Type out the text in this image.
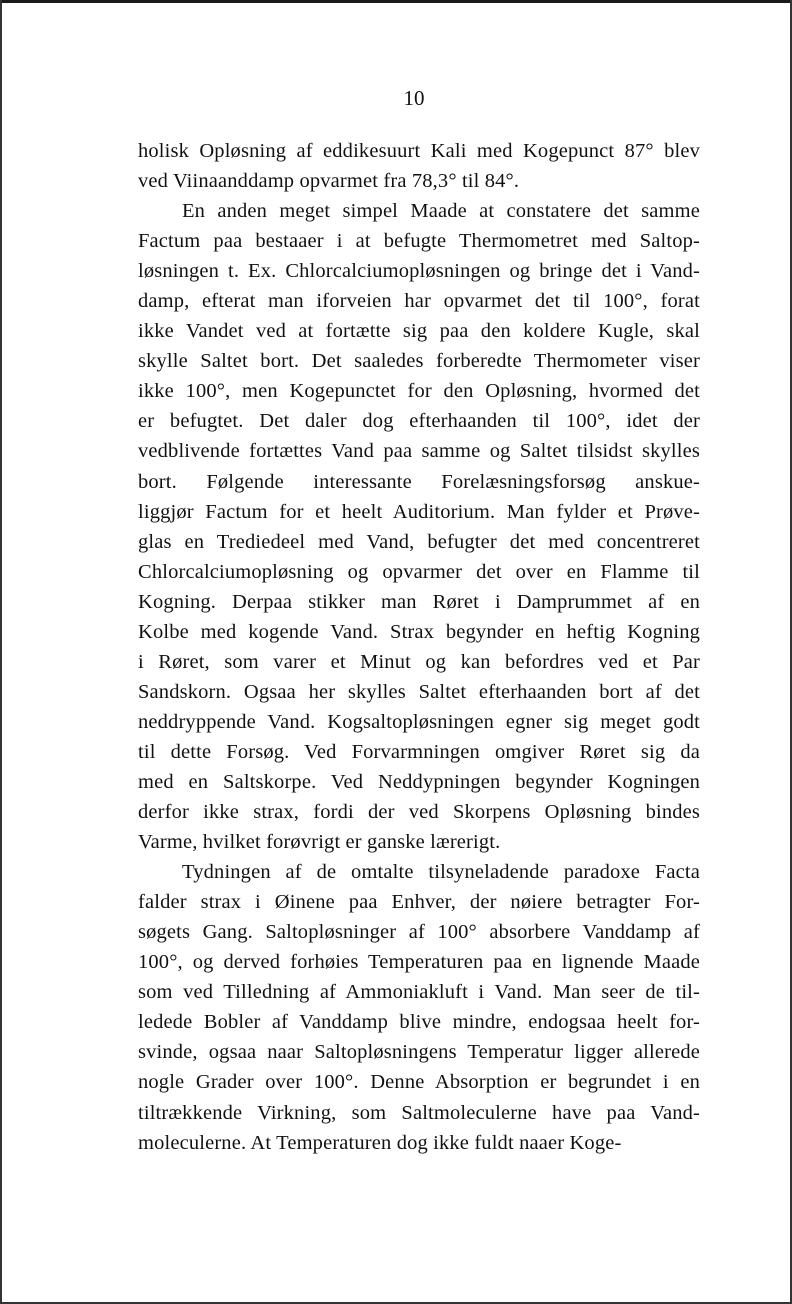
10
holisk Opløsning af eddikesuurt Kali med Kogepunct 87° blev
ved Viinaanddamp opvarmet fra 78,3° til 84°.
En anden meget simpel Maade at constatere det samme
Factum paa bestaaer i at befugte Thermometret med Saltop-
løsningen t. Ex. Chlorcalciumopløsningen og bringe det i Vand-
damp, efterat man iforveien har opvarmet det til 100°, forat
ikke Vandet ved at fortætte sig paa den koldere Kugle, skal
skylle Saltet bort. Det saaledes forberedte Thermometer viser
ikke 100°, men Kogepunctet for den Opløsning, hvormed det
er befugtet. Det daler dog efterhaanden til 100°, idet der
vedblivende fortættes Vand paa samme og Saltet tilsidst skylles
bort. Følgende interessante Forelæsningsforsøg anskue-
liggjør Factum for et heelt Auditorium. Man fylder et Prøve-
glas en Trediedeel med Vand, befugter det med concentreret
Chlorcalciumopløsning og opvarmer det over en Flamme til
Kogning. Derpaa stikker man Røret i Damprummet af en
Kolbe med kogende Vand. Strax begynder en heftig Kogning
i Røret, som varer et Minut og kan befordres ved et Par
Sandskorn. Ogsaa her skylles Saltet efterhaanden bort af det
neddryppende Vand. Kogsaltopløsningen egner sig meget godt
til dette Forsøg. Ved Forvarmningen omgiver Røret sig da
med en Saltskorpe. Ved Neddypningen begynder Kogningen
derfor ikke strax, fordi der ved Skorpens Opløsning bindes
Varme, hvilket forøvrigt er ganske lærerigt.
Tydningen af de omtalte tilsyneladende paradoxe Facta
falder strax i Øinene paa Enhver, der nøiere betragter For-
søgets Gang. Saltopløsninger af 100° absorbere Vanddamp af
100°, og derved forhøies Temperaturen paa en lignende Maade
som ved Tilledning af Ammoniakluft i Vand. Man seer de til-
ledede Bobler af Vanddamp blive mindre, endogsaa heelt for-
svinde, ogsaa naar Saltopløsningens Temperatur ligger allerede
nogle Grader over 100°. Denne Absorption er begrundet i en
tiltrækkende Virkning, som Saltmoleculerne have paa Vand-
moleculerne. At Temperaturen dog ikke fuldt naaer Koge-
